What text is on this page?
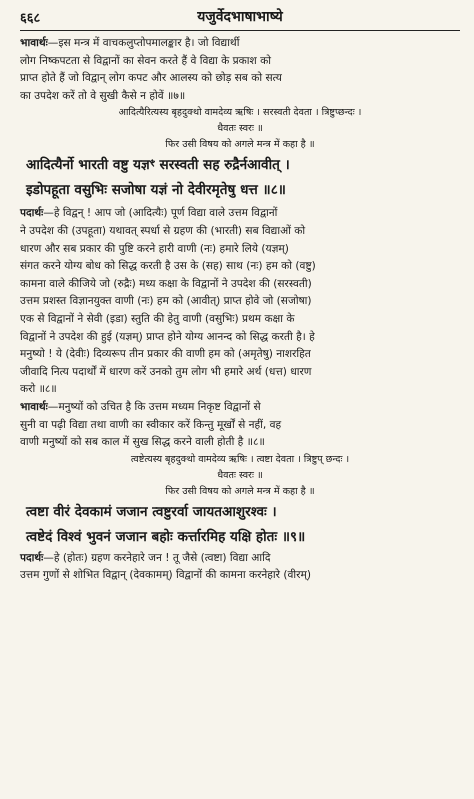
६६८	यजुर्वेदभाषाभाष्ये

भावार्थः—इस मन्त्र में वाचकलुप्तोपमालङ्कार है। जो विद्यार्थी

लोग निष्कपटता से विद्वानों का सेवन करते हैं वे विद्या के प्रकाश को

प्राप्त होते हैं जो विद्वान् लोग कपट और आलस्य को छोड़ सब को सत्य

का उपदेश करें तो वे सुखी कैसे न होवें ॥७॥

आदित्यैरित्यस्य बृहदुक्थो वामदेव्य ऋषिः । सरस्वती देवता । त्रिष्टुप्छन्दः ।

धैवतः स्वरः ॥

फिर उसी विषय को अगले मन्त्र में कहा है ॥

आदित्यैर्नो भारती वष्टु यज्ञꣳ सरस्वती सह रुद्रैर्नआवीत् ।

इडोपहूता वसुभिः सजोषा यज्ञं नो देवीरमृतेषु धत्त ॥८॥

पदार्थः—हे विद्वन् ! आप जो (आदित्यैः) पूर्ण विद्या वाले उत्तम विद्वानों

ने उपदेश की (उपहूता) यथावत् स्पर्धा से ग्रहण की (भारती) सब विद्याओं को

धारण और सब प्रकार की पुष्टि करने हारी वाणी (नः) हमारे लिये (यज्ञम्)

संगत करने योग्य बोध को सिद्ध करती है उस के (सह) साथ (नः) हम को (वष्टु)

कामना वाले कीजिये जो (रुद्रैः) मध्य कक्षा के विद्वानों ने उपदेश की (सरस्वती)

उत्तम प्रशस्त विज्ञानयुक्त वाणी (नः) हम को (आवीत्) प्राप्त होवे जो (सजोषा)

एक से विद्वानों ने सेवी (इडा) स्तुति की हेतु वाणी (वसुभिः) प्रथम कक्षा के

विद्वानों ने उपदेश की हुई (यज्ञम्) प्राप्त होने योग्य आनन्द को सिद्ध करती है। हे

मनुष्यो ! ये (देवीः) दिव्यरूप तीन प्रकार की वाणी हम को (अमृतेषु) नाशरहित

जीवादि नित्य पदार्थों में धारण करें उनको तुम लोग भी हमारे अर्थ (धत्त) धारण

करो ॥८॥

भावार्थः—मनुष्यों को उचित है कि उत्तम मध्यम निकृष्ट विद्वानों से

सुनी वा पढ़ी विद्या तथा वाणी का स्वीकार करें किन्तु मूर्खों से नहीं, वह

वाणी मनुष्यों को सब काल में सुख सिद्ध करने वाली होती है ॥८॥

त्वष्टेत्यस्य बृहदुक्थो वामदेव्य ऋषिः । त्वष्टा देवता । त्रिष्टुप् छन्दः ।

धैवतः स्वरः ॥

फिर उसी विषय को अगले मन्त्र में कहा है ॥

त्वष्टा वीरं देवकामं जजान त्वष्टुरर्वा जायतआशुरश्वः ।

त्वष्टेदं विश्वं भुवनं जजान बहोः कर्त्तारमिह यक्षि होतः ॥९॥

पदार्थः—हे (होतः) ग्रहण करनेहारे जन ! तू जैसे (त्वष्टा) विद्या आदि

उत्तम गुणों से शोभित विद्वान् (देवकामम्) विद्वानों की कामना करनेहारे (वीरम्)
